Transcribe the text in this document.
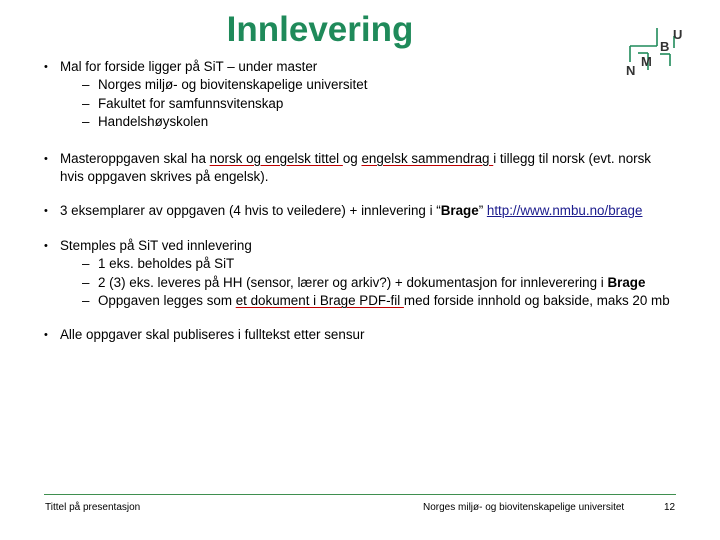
Innlevering
N
M
B
U
• Mal for forside ligger på SiT – under master
– Norges miljø- og biovitenskapelige universitet
– Fakultet for samfunnsvitenskap
– Handelshøyskolen
• Masteroppgaven skal ha norsk og engelsk tittel og engelsk sammendrag i tillegg til norsk (evt. norsk hvis oppgaven skrives på engelsk).
• 3 eksemplarer av oppgaven (4 hvis to veiledere) + innlevering i “Brage” http://www.nmbu.no/brage
• Stemples på SiT ved innlevering
– 1 eks. beholdes på SiT
– 2 (3) eks. leveres på HH (sensor, lærer og arkiv?) + dokumentasjon for innleverering i Brage
– Oppgaven legges som et dokument i Brage PDF-fil med forside innhold og bakside, maks 20 mb
• Alle oppgaver skal publiseres i fulltekst etter sensur
Tittel på presentasjon	Norges miljø- og biovitenskapelige universitet	12
